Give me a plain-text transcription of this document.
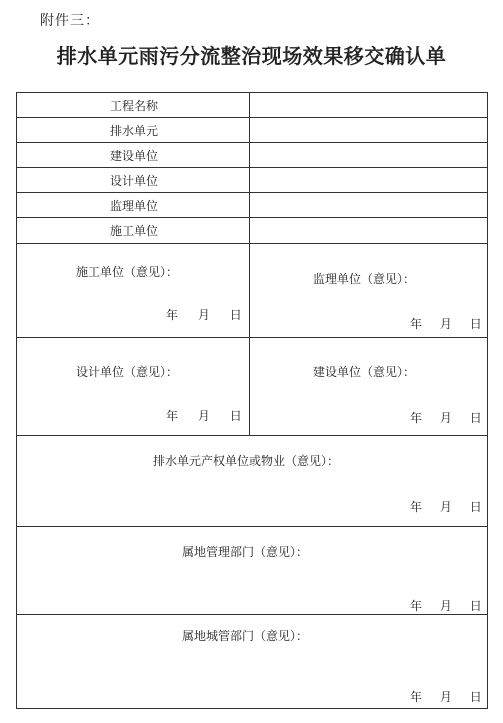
附件三：
排水单元雨污分流整治现场效果移交确认单
工程名称
排水单元
建设单位
设计单位
监理单位
施工单位
施工单位（意见）：
年 月 日
监理单位（意见）：
年 月 日
设计单位（意见）：
年 月 日
建设单位（意见）：
年 月 日
排水单元产权单位或物业（意见）：
年 月 日
属地管理部门（意见）：
年 月 日
属地城管部门（意见）：
年 月 日
